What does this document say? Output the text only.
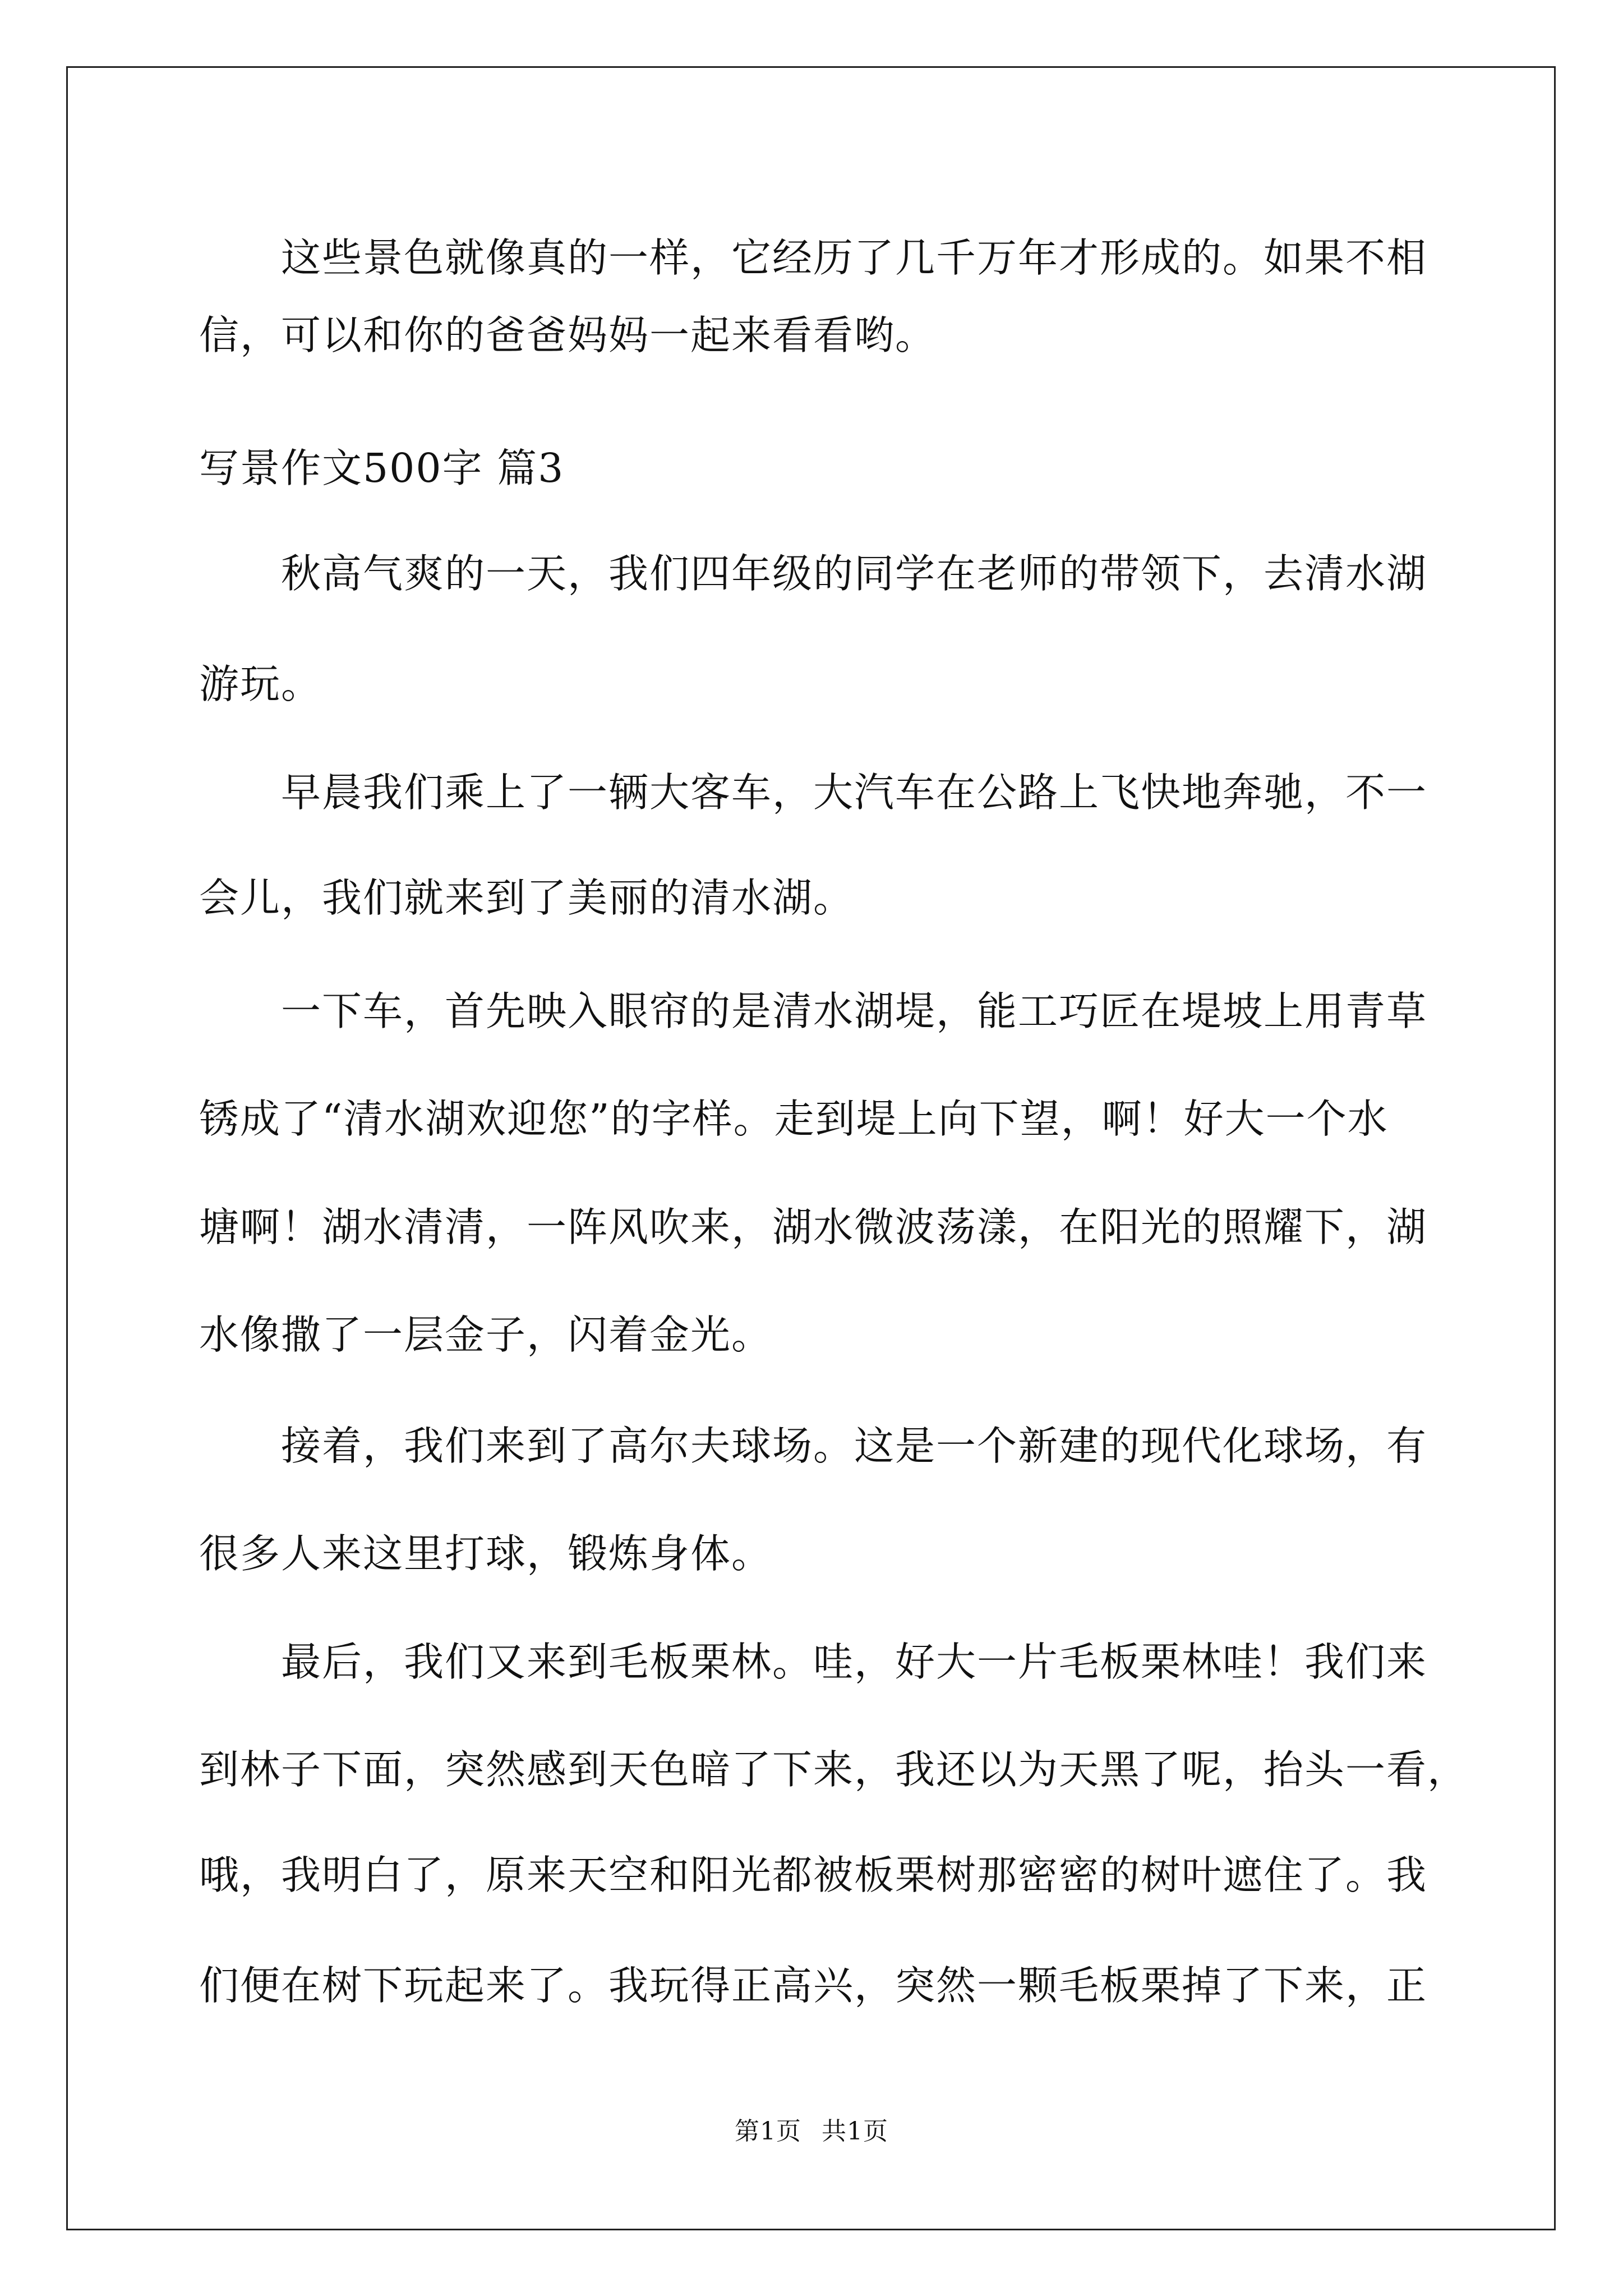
这些景色就像真的一样，它经历了几千万年才形成的。如果不相
信，可以和你的爸爸妈妈一起来看看哟。
写景作文500字 篇3
秋高气爽的一天，我们四年级的同学在老师的带领下，去清水湖
游玩。
早晨我们乘上了一辆大客车，大汽车在公路上飞快地奔驰，不一
会儿，我们就来到了美丽的清水湖。
一下车，首先映入眼帘的是清水湖堤，能工巧匠在堤坡上用青草
锈成了“清水湖欢迎您”的字样。走到堤上向下望，啊！好大一个水
塘啊！湖水清清，一阵风吹来，湖水微波荡漾，在阳光的照耀下，湖
水像撒了一层金子，闪着金光。
接着，我们来到了高尔夫球场。这是一个新建的现代化球场，有
很多人来这里打球，锻炼身体。
最后，我们又来到毛板栗林。哇，好大一片毛板栗林哇！我们来
到林子下面，突然感到天色暗了下来，我还以为天黑了呢，抬头一看，
哦，我明白了，原来天空和阳光都被板栗树那密密的树叶遮住了。我
们便在树下玩起来了。我玩得正高兴，突然一颗毛板栗掉了下来，正
第1页 共1页
